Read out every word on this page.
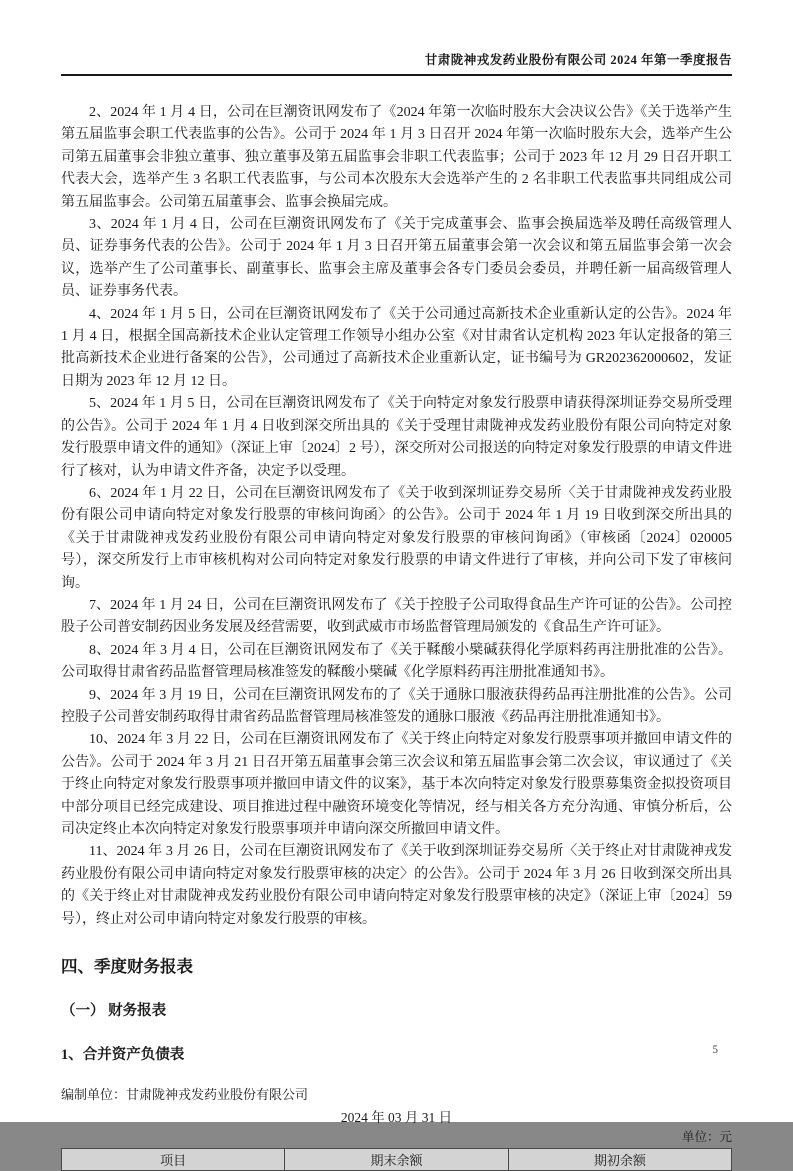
甘肃陇神戎发药业股份有限公司 2024 年第一季度报告

2、2024 年 1 月 4 日，公司在巨潮资讯网发布了《2024 年第一次临时股东大会决议公告》《关于选举产生第五届监事会职工代表监事的公告》。公司于 2024 年 1 月 3 日召开 2024 年第一次临时股东大会，选举产生公司第五届董事会非独立董事、独立董事及第五届监事会非职工代表监事；公司于 2023 年 12 月 29 日召开职工代表大会，选举产生 3 名职工代表监事，与公司本次股东大会选举产生的 2 名非职工代表监事共同组成公司第五届监事会。公司第五届董事会、监事会换届完成。

3、2024 年 1 月 4 日，公司在巨潮资讯网发布了《关于完成董事会、监事会换届选举及聘任高级管理人员、证券事务代表的公告》。公司于 2024 年 1 月 3 日召开第五届董事会第一次会议和第五届监事会第一次会议，选举产生了公司董事长、副董事长、监事会主席及董事会各专门委员会委员，并聘任新一届高级管理人员、证券事务代表。

4、2024 年 1 月 5 日，公司在巨潮资讯网发布了《关于公司通过高新技术企业重新认定的公告》。2024 年 1 月 4 日，根据全国高新技术企业认定管理工作领导小组办公室《对甘肃省认定机构 2023 年认定报备的第三批高新技术企业进行备案的公告》，公司通过了高新技术企业重新认定，证书编号为 GR202362000602，发证日期为 2023 年 12 月 12 日。

5、2024 年 1 月 5 日，公司在巨潮资讯网发布了《关于向特定对象发行股票申请获得深圳证券交易所受理的公告》。公司于 2024 年 1 月 4 日收到深交所出具的《关于受理甘肃陇神戎发药业股份有限公司向特定对象发行股票申请文件的通知》（深证上审〔2024〕2 号），深交所对公司报送的向特定对象发行股票的申请文件进行了核对，认为申请文件齐备，决定予以受理。

6、2024 年 1 月 22 日，公司在巨潮资讯网发布了《关于收到深圳证券交易所〈关于甘肃陇神戎发药业股份有限公司申请向特定对象发行股票的审核问询函〉的公告》。公司于 2024 年 1 月 19 日收到深交所出具的《关于甘肃陇神戎发药业股份有限公司申请向特定对象发行股票的审核问询函》（审核函〔2024〕020005 号），深交所发行上市审核机构对公司向特定对象发行股票的申请文件进行了审核，并向公司下发了审核问询。

7、2024 年 1 月 24 日，公司在巨潮资讯网发布了《关于控股子公司取得食品生产许可证的公告》。公司控股子公司普安制药因业务发展及经营需要，收到武威市市场监督管理局颁发的《食品生产许可证》。

8、2024 年 3 月 4 日，公司在巨潮资讯网发布了《关于鞣酸小檗碱获得化学原料药再注册批准的公告》。公司取得甘肃省药品监督管理局核准签发的鞣酸小檗碱《化学原料药再注册批准通知书》。

9、2024 年 3 月 19 日，公司在巨潮资讯网发布的了《关于通脉口服液获得药品再注册批准的公告》。公司控股子公司普安制药取得甘肃省药品监督管理局核准签发的通脉口服液《药品再注册批准通知书》。

10、2024 年 3 月 22 日，公司在巨潮资讯网发布了《关于终止向特定对象发行股票事项并撤回申请文件的公告》。公司于 2024 年 3 月 21 日召开第五届董事会第三次会议和第五届监事会第二次会议，审议通过了《关于终止向特定对象发行股票事项并撤回申请文件的议案》，基于本次向特定对象发行股票募集资金拟投资项目中部分项目已经完成建设、项目推进过程中融资环境变化等情况，经与相关各方充分沟通、审慎分析后，公司决定终止本次向特定对象发行股票事项并申请向深交所撤回申请文件。

11、2024 年 3 月 26 日，公司在巨潮资讯网发布了《关于收到深圳证券交易所〈关于终止对甘肃陇神戎发药业股份有限公司申请向特定对象发行股票审核的决定〉的公告》。公司于 2024 年 3 月 26 日收到深交所出具的《关于终止对甘肃陇神戎发药业股份有限公司申请向特定对象发行股票审核的决定》（深证上审〔2024〕59 号），终止对公司申请向特定对象发行股票的审核。

四、季度财务报表
（一） 财务报表
1、合并资产负债表
编制单位：甘肃陇神戎发药业股份有限公司
2024 年 03 月 31 日
单位：元
项目	期末余额	期初余额
5
